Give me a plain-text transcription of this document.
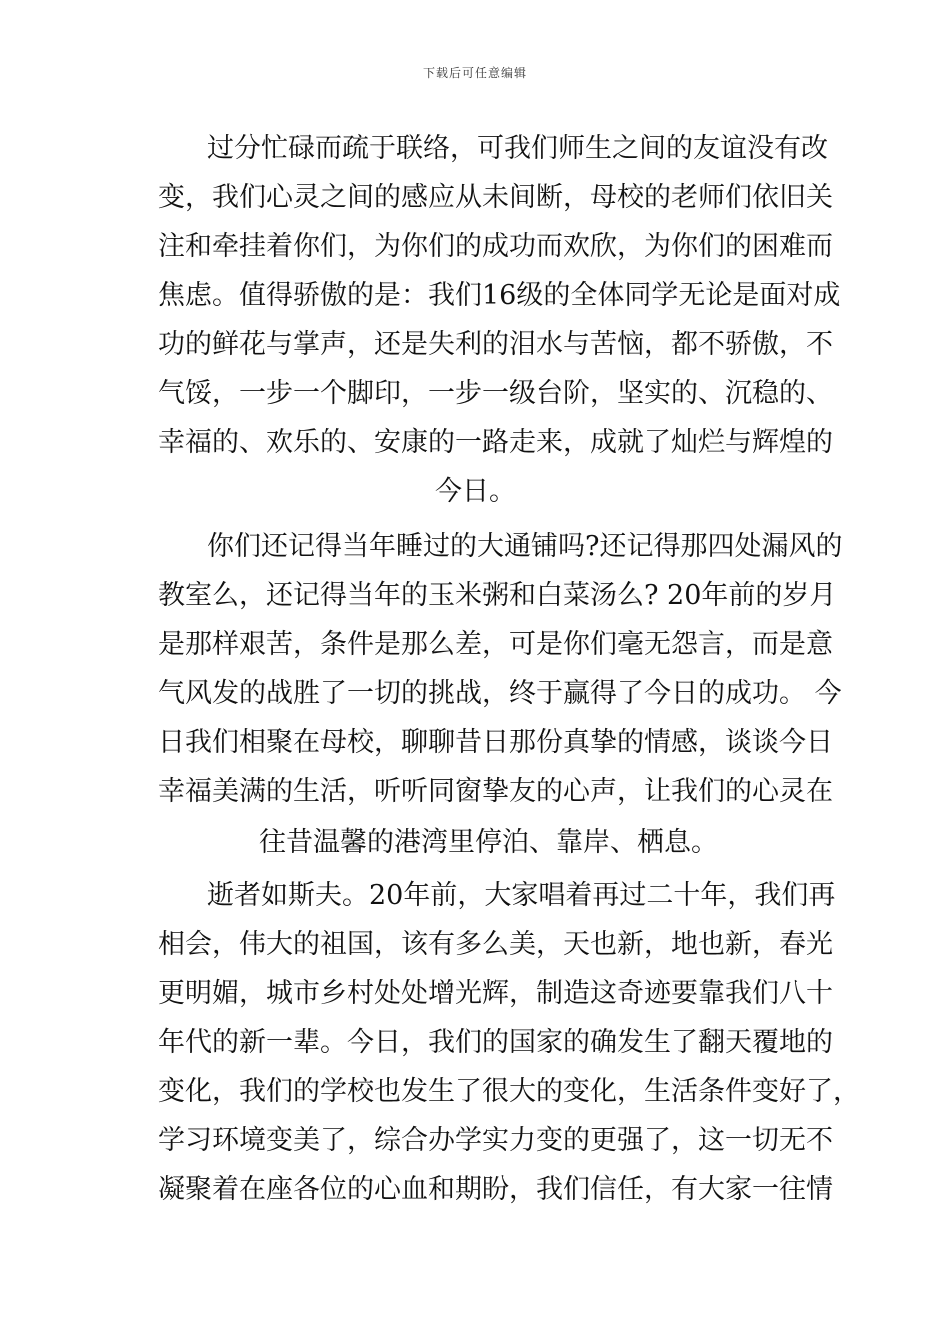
下载后可任意编辑
过分忙碌而疏于联络，可我们师生之间的友谊没有改
变，我们心灵之间的感应从未间断，母校的老师们依旧关
注和牵挂着你们，为你们的成功而欢欣，为你们的困难而
焦虑。值得骄傲的是：我们16级的全体同学无论是面对成
功的鲜花与掌声，还是失利的泪水与苦恼，都不骄傲，不
气馁，一步一个脚印，一步一级台阶，坚实的、沉稳的、
幸福的、欢乐的、安康的一路走来，成就了灿烂与辉煌的
今日。
你们还记得当年睡过的大通铺吗?还记得那四处漏风的
教室么，还记得当年的玉米粥和白菜汤么? 20年前的岁月
是那样艰苦，条件是那么差，可是你们毫无怨言，而是意
气风发的战胜了一切的挑战，终于赢得了今日的成功。 今
日我们相聚在母校，聊聊昔日那份真挚的情感，谈谈今日
幸福美满的生活，听听同窗挚友的心声，让我们的心灵在
往昔温馨的港湾里停泊、靠岸、栖息。
逝者如斯夫。20年前，大家唱着再过二十年，我们再
相会，伟大的祖国，该有多么美，天也新，地也新，春光
更明媚，城市乡村处处增光辉，制造这奇迹要靠我们八十
年代的新一辈。今日，我们的国家的确发生了翻天覆地的
变化，我们的学校也发生了很大的变化，生活条件变好了，
学习环境变美了，综合办学实力变的更强了，这一切无不
凝聚着在座各位的心血和期盼，我们信任，有大家一往情
